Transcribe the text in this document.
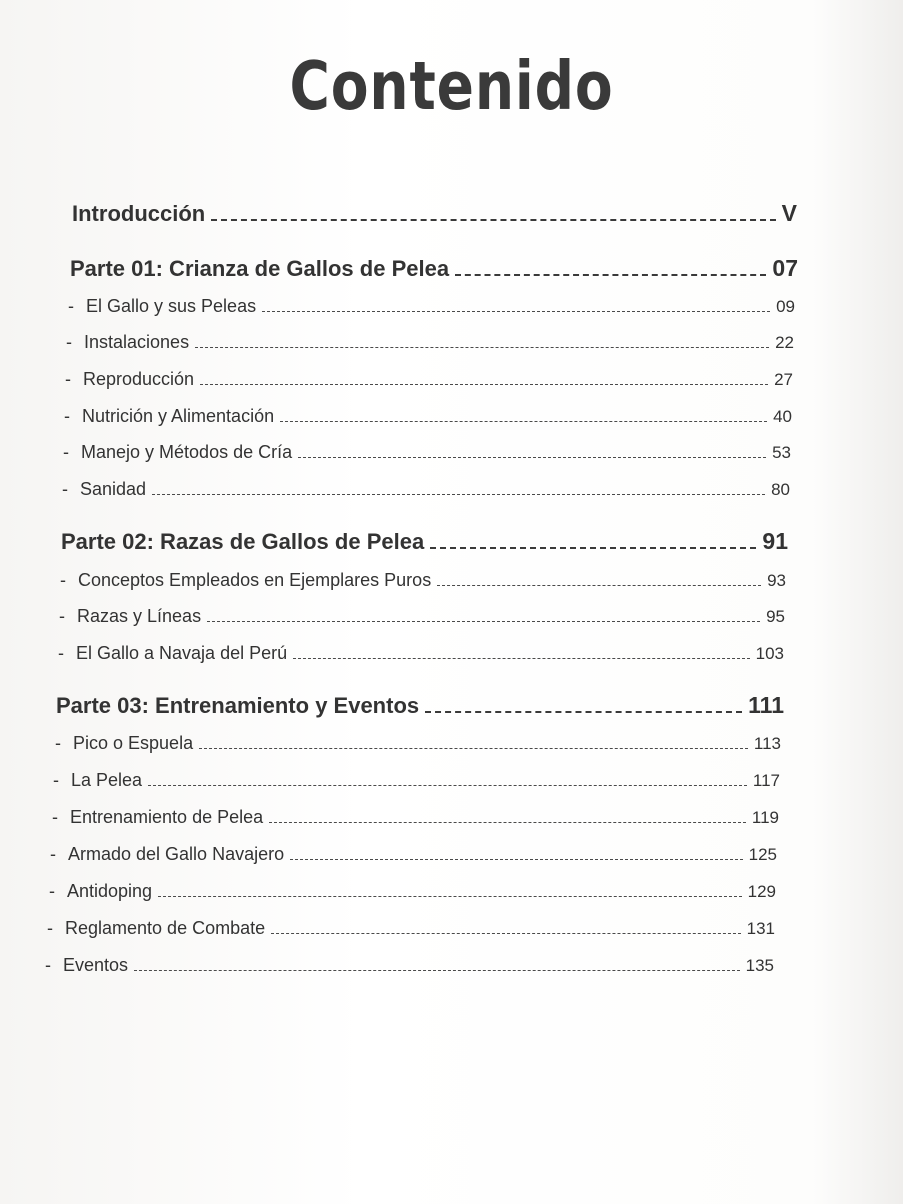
Contenido
Introducción	V
Parte 01: Crianza de Gallos de Pelea	07
- El Gallo y sus Peleas	09
- Instalaciones	22
- Reproducción	27
- Nutrición y Alimentación	40
- Manejo y Métodos de Cría	53
- Sanidad	80
Parte 02: Razas de Gallos de Pelea	91
- Conceptos Empleados en Ejemplares Puros	93
- Razas y Líneas	95
- El Gallo a Navaja del Perú	103
Parte 03: Entrenamiento y Eventos	111
- Pico o Espuela	113
- La Pelea	117
- Entrenamiento de Pelea	119
- Armado del Gallo Navajero	125
- Antidoping	129
- Reglamento de Combate	131
- Eventos	135
